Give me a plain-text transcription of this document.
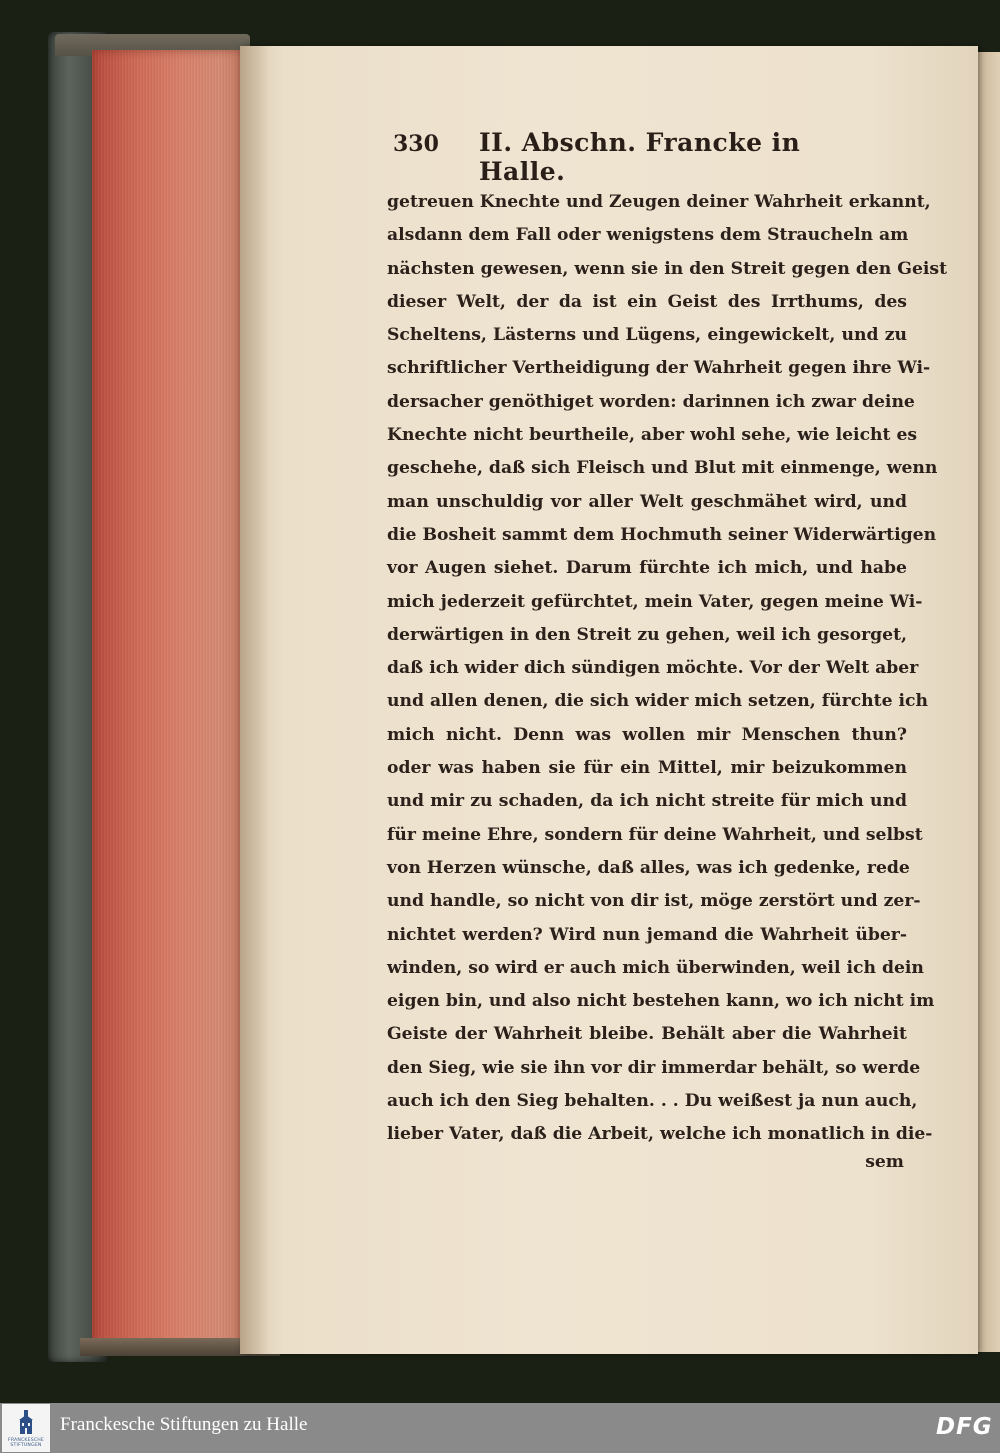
330 II. Abschn. Francke in Halle.
getreuen Knechte und Zeugen deiner Wahrheit erkannt,
alsdann dem Fall oder wenigstens dem Straucheln am
nächsten gewesen, wenn sie in den Streit gegen den Geist
dieser Welt, der da ist ein Geist des Irrthums, des
Scheltens, Lästerns und Lügens, eingewickelt, und zu
schriftlicher Vertheidigung der Wahrheit gegen ihre Wi-
dersacher genöthiget worden: darinnen ich zwar deine
Knechte nicht beurtheile, aber wohl sehe, wie leicht es
geschehe, daß sich Fleisch und Blut mit einmenge, wenn
man unschuldig vor aller Welt geschmähet wird, und
die Bosheit sammt dem Hochmuth seiner Widerwärtigen
vor Augen siehet. Darum fürchte ich mich, und habe
mich jederzeit gefürchtet, mein Vater, gegen meine Wi-
derwärtigen in den Streit zu gehen, weil ich gesorget,
daß ich wider dich sündigen möchte. Vor der Welt aber
und allen denen, die sich wider mich setzen, fürchte ich
mich nicht. Denn was wollen mir Menschen thun?
oder was haben sie für ein Mittel, mir beizukommen
und mir zu schaden, da ich nicht streite für mich und
für meine Ehre, sondern für deine Wahrheit, und selbst
von Herzen wünsche, daß alles, was ich gedenke, rede
und handle, so nicht von dir ist, möge zerstört und zer-
nichtet werden? Wird nun jemand die Wahrheit über-
winden, so wird er auch mich überwinden, weil ich dein
eigen bin, und also nicht bestehen kann, wo ich nicht im
Geiste der Wahrheit bleibe. Behält aber die Wahrheit
den Sieg, wie sie ihn vor dir immerdar behält, so werde
auch ich den Sieg behalten. . . Du weißest ja nun auch,
lieber Vater, daß die Arbeit, welche ich monatlich in die-
sem
FRANCKESCHE
STIFTUNGEN
Franckesche Stiftungen zu Halle	DFG
